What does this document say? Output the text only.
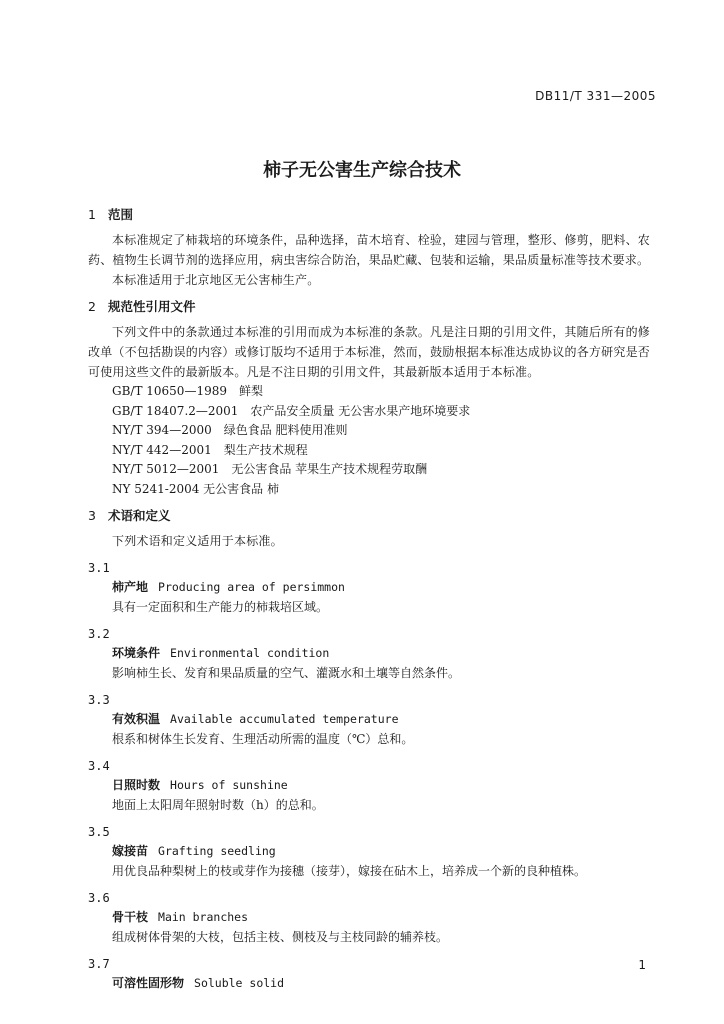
DB11/T 331—2005
柿子无公害生产综合技术
1 范围
本标准规定了柿栽培的环境条件，品种选择，苗木培育、栓验，建园与管理，整形、修剪，肥料、农药、植物生长调节剂的选择应用，病虫害综合防治，果品贮藏、包装和运输，果品质量标准等技术要求。
本标准适用于北京地区无公害柿生产。
2 规范性引用文件
下列文件中的条款通过本标准的引用而成为本标准的条款。凡是注日期的引用文件，其随后所有的修改单（不包括勘误的内容）或修订版均不适用于本标准，然而，鼓励根据本标准达成协议的各方研究是否可使用这些文件的最新版本。凡是不注日期的引用文件，其最新版本适用于本标准。
GB/T 10650—1989　鲜梨
GB/T 18407.2—2001　农产品安全质量 无公害水果产地环境要求
NY/T 394—2000　绿色食品 肥料使用准则
NY/T 442—2001　梨生产技术规程
NY/T 5012—2001　无公害食品 苹果生产技术规程劳取酬
NY 5241-2004 无公害食品 柿
3 术语和定义
下列术语和定义适用于本标准。
3.1
柿产地 Producing area of persimmon
具有一定面积和生产能力的柿栽培区域。
3.2
环境条件 Environmental condition
影响柿生长、发育和果品质量的空气、灌溉水和土壤等自然条件。
3.3
有效积温 Available accumulated temperature
根系和树体生长发育、生理活动所需的温度（℃）总和。
3.4
日照时数 Hours of sunshine
地面上太阳周年照射时数（h）的总和。
3.5
嫁接苗 Grafting seedling
用优良品种梨树上的枝或芽作为接穗（接芽），嫁接在砧木上，培养成一个新的良种植株。
3.6
骨干枝 Main branches
组成树体骨架的大枝，包括主枝、侧枝及与主枝同龄的辅养枝。
3.7
可溶性固形物 Soluble solid
1
